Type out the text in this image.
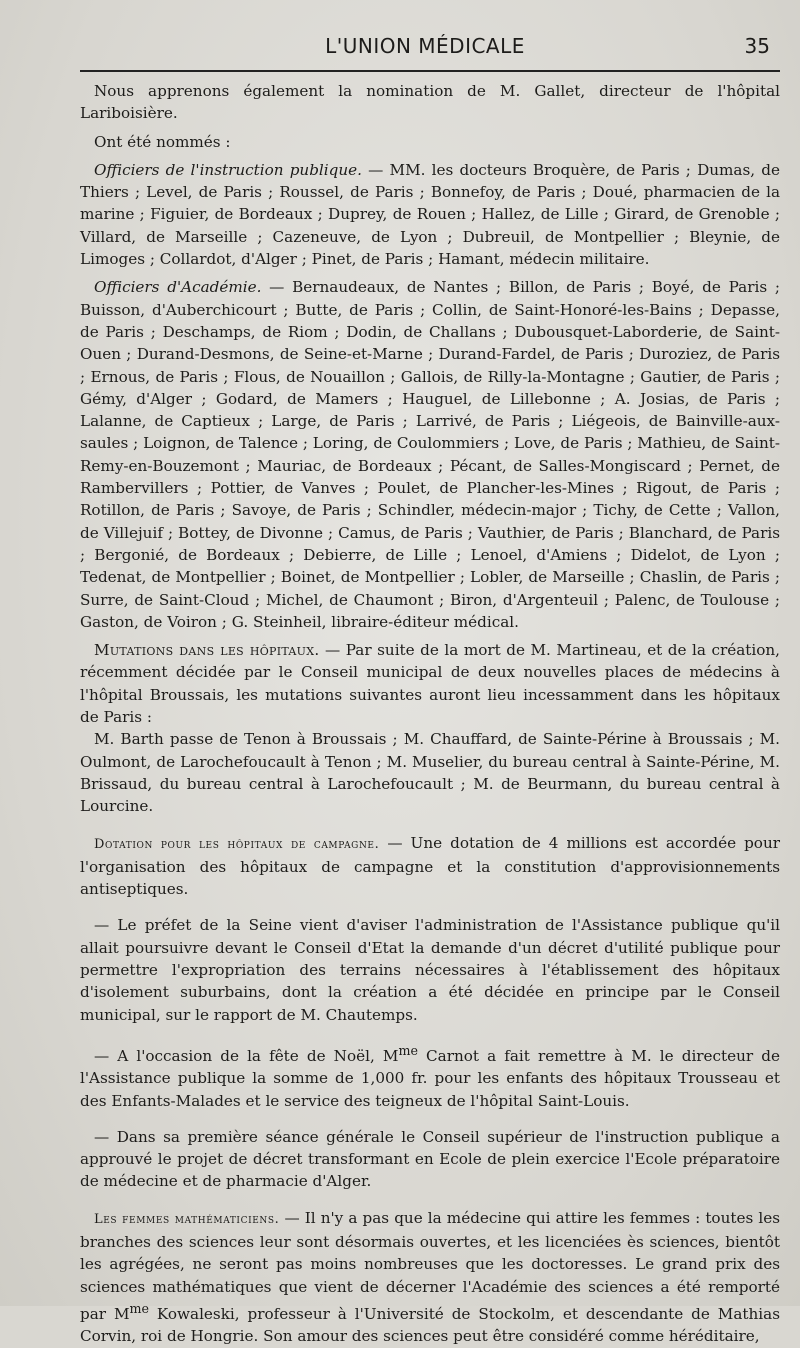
L'UNION MÉDICALE	35

Nous apprenons également la nomination de M. Gallet, directeur de l'hôpital Lariboisière.

Ont été nommés :

Officiers de l'instruction publique. — MM. les docteurs Broquère, de Paris ; Dumas, de Thiers ; Level, de Paris ; Roussel, de Paris ; Bonnefoy, de Paris ; Doué, pharmacien de la marine ; Figuier, de Bordeaux ; Duprey, de Rouen ; Hallez, de Lille ; Girard, de Grenoble ; Villard, de Marseille ; Cazeneuve, de Lyon ; Dubreuil, de Montpellier ; Bleynie, de Limoges ; Collardot, d'Alger ; Pinet, de Paris ; Hamant, médecin militaire.

Officiers d'Académie. — Bernaudeaux, de Nantes ; Billon, de Paris ; Boyé, de Paris ; Buisson, d'Auberchicourt ; Butte, de Paris ; Collin, de Saint-Honoré-les-Bains ; Depasse, de Paris ; Deschamps, de Riom ; Dodin, de Challans ; Dubousquet-Laborderie, de Saint-Ouen ; Durand-Desmons, de Seine-et-Marne ; Durand-Fardel, de Paris ; Duroziez, de Paris ; Ernous, de Paris ; Flous, de Nouaillon ; Gallois, de Rilly-la-Montagne ; Gautier, de Paris ; Gémy, d'Alger ; Godard, de Mamers ; Hauguel, de Lillebonne ; A. Josias, de Paris ; Lalanne, de Captieux ; Large, de Paris ; Larrivé, de Paris ; Liégeois, de Bainville-aux-saules ; Loignon, de Talence ; Loring, de Coulommiers ; Love, de Paris ; Mathieu, de Saint-Remy-en-Bouzemont ; Mauriac, de Bordeaux ; Pécant, de Salles-Mongiscard ; Pernet, de Rambervillers ; Pottier, de Vanves ; Poulet, de Plancher-les-Mines ; Rigout, de Paris ; Rotillon, de Paris ; Savoye, de Paris ; Schindler, médecin-major ; Tichy, de Cette ; Vallon, de Villejuif ; Bottey, de Divonne ; Camus, de Paris ; Vauthier, de Paris ; Blanchard, de Paris ; Bergonié, de Bordeaux ; Debierre, de Lille ; Lenoel, d'Amiens ; Didelot, de Lyon ; Tedenat, de Montpellier ; Boinet, de Montpellier ; Lobler, de Marseille ; Chaslin, de Paris ; Surre, de Saint-Cloud ; Michel, de Chaumont ; Biron, d'Argenteuil ; Palenc, de Toulouse ; Gaston, de Voiron ; G. Steinheil, libraire-éditeur médical.

Mutations dans les hôpitaux. — Par suite de la mort de M. Martineau, et de la création, récemment décidée par le Conseil municipal de deux nouvelles places de médecins à l'hôpital Broussais, les mutations suivantes auront lieu incessamment dans les hôpitaux de Paris :

M. Barth passe de Tenon à Broussais ; M. Chauffard, de Sainte-Périne à Broussais ; M. Oulmont, de Larochefoucault à Tenon ; M. Muselier, du bureau central à Sainte-Périne, M. Brissaud, du bureau central à Larochefoucault ; M. de Beurmann, du bureau central à Lourcine.

Dotation pour les hôpitaux de campagne. — Une dotation de 4 millions est accordée pour l'organisation des hôpitaux de campagne et la constitution d'approvisionnements antiseptiques.

— Le préfet de la Seine vient d'aviser l'administration de l'Assistance publique qu'il allait poursuivre devant le Conseil d'Etat la demande d'un décret d'utilité publique pour permettre l'expropriation des terrains nécessaires à l'établissement des hôpitaux d'isolement suburbains, dont la création a été décidée en principe par le Conseil municipal, sur le rapport de M. Chautemps.

— A l'occasion de la fête de Noël, $M^{me}$ Carnot a fait remettre à M. le directeur de l'Assistance publique la somme de 1,000 fr. pour les enfants des hôpitaux Trousseau et des Enfants-Malades et le service des teigneux de l'hôpital Saint-Louis.

— Dans sa première séance générale le Conseil supérieur de l'instruction publique a approuvé le projet de décret transformant en Ecole de plein exercice l'Ecole préparatoire de médecine et de pharmacie d'Alger.

Les femmes mathématiciens. — Il n'y a pas que la médecine qui attire les femmes : toutes les branches des sciences leur sont désormais ouvertes, et les licenciées ès sciences, bientôt les agrégées, ne seront pas moins nombreuses que les doctoresses. Le grand prix des sciences mathématiques que vient de décerner l'Académie des sciences a été remporté par $M^{me}$ Kowaleski, professeur à l'Université de Stockolm, et descendante de Mathias Corvin, roi de Hongrie. Son amour des sciences peut être considéré comme héréditaire,
